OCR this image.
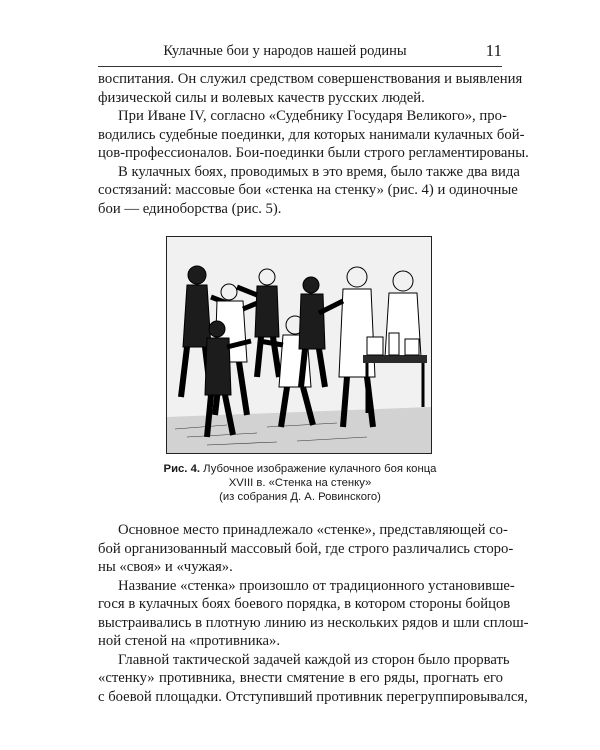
Кулачные бои у народов нашей родины	11
воспитания. Он служил средством совершенствования и выявления
физической силы и волевых качеств русских людей.
При Иване IV, согласно «Судебнику Государя Великого», про-
водились судебные поединки, для которых нанимали кулачных бой-
цов-профессионалов. Бои-поединки были строго регламентированы.
В кулачных боях, проводимых в это время, было также два вида
состязаний: массовые бои «стенка на стенку» (рис. 4) и одиночные
бои — единоборства (рис. 5).
Рис. 4. Лубочное изображение кулачного боя конца
XVIII в. «Стенка на стенку»
(из собрания Д. А. Ровинского)
Основное место принадлежало «стенке», представляющей со-
бой организованный массовый бой, где строго различались сторо-
ны «своя» и «чужая».
Название «стенка» произошло от традиционного установивше-
гося в кулачных боях боевого порядка, в котором стороны бойцов
выстраивались в плотную линию из нескольких рядов и шли сплош-
ной стеной на «противника».
Главной тактической задачей каждой из сторон было прорвать
«стенку» противника, внести смятение в его ряды, прогнать его
с боевой площадки. Отступивший противник перегруппировывался,
